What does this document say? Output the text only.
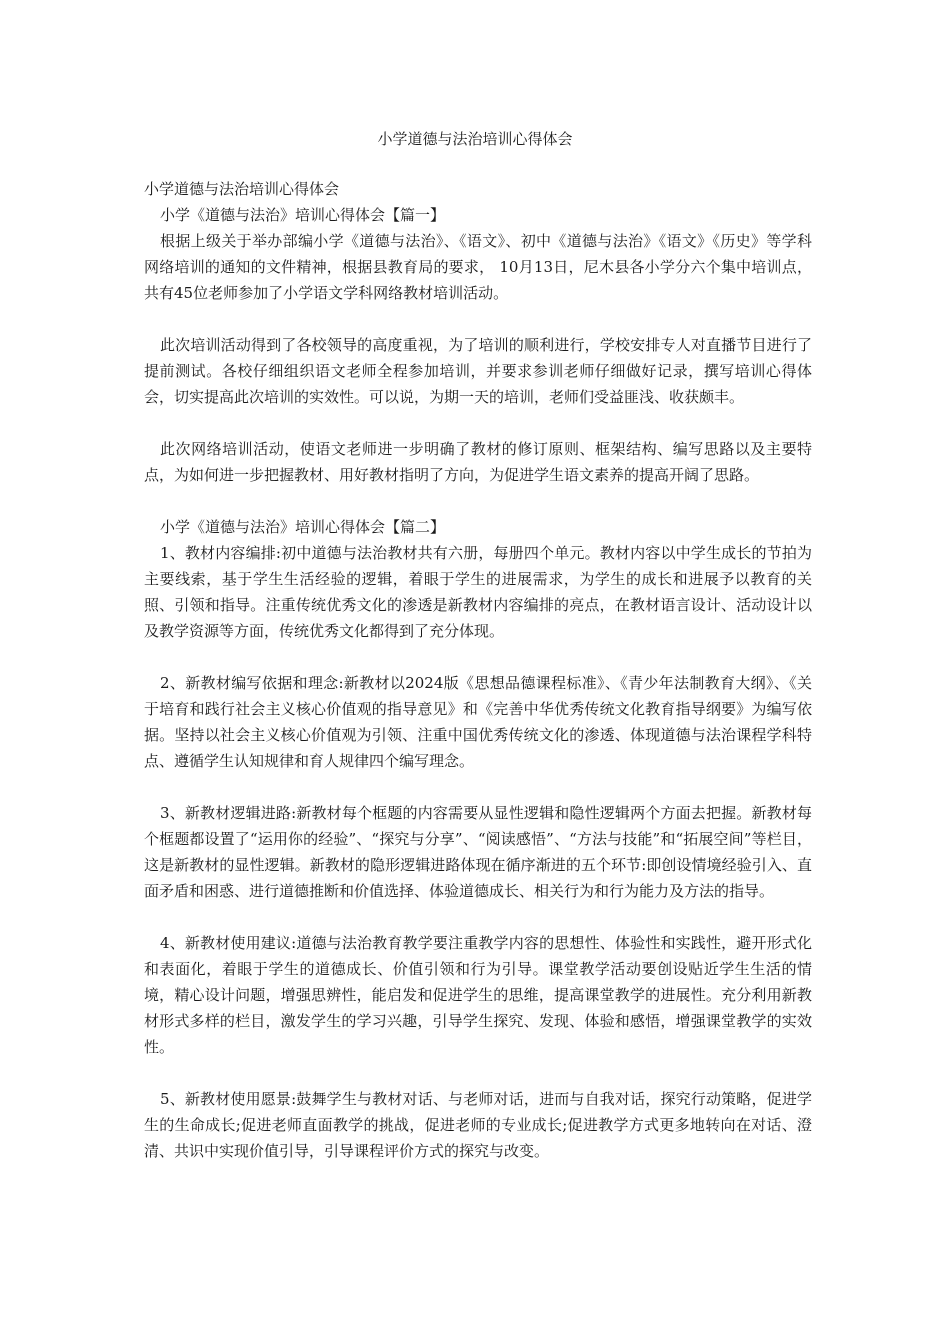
小学道德与法治培训心得体会

小学道德与法治培训心得体会

小学《道德与法治》培训心得体会【篇一】

根据上级关于举办部编小学《道德与法治》、《语文》、初中《道德与法治》《语文》《历史》等学科网络培训的通知的文件精神，根据县教育局的要求， 10月13日，尼木县各小学分六个集中培训点，共有45位老师参加了小学语文学科网络教材培训活动。

此次培训活动得到了各校领导的高度重视，为了培训的顺利进行，学校安排专人对直播节目进行了提前测试。各校仔细组织语文老师全程参加培训，并要求参训老师仔细做好记录，撰写培训心得体会，切实提高此次培训的实效性。可以说，为期一天的培训，老师们受益匪浅、收获颇丰。

此次网络培训活动，使语文老师进一步明确了教材的修订原则、框架结构、编写思路以及主要特点，为如何进一步把握教材、用好教材指明了方向，为促进学生语文素养的提高开阔了思路。

小学《道德与法治》培训心得体会【篇二】

1、教材内容编排:初中道德与法治教材共有六册，每册四个单元。教材内容以中学生成长的节拍为主要线索，基于学生生活经验的逻辑，着眼于学生的进展需求，为学生的成长和进展予以教育的关照、引领和指导。注重传统优秀文化的渗透是新教材内容编排的亮点，在教材语言设计、活动设计以及教学资源等方面，传统优秀文化都得到了充分体现。

2、新教材编写依据和理念:新教材以2024版《思想品德课程标准》、《青少年法制教育大纲》、《关于培育和践行社会主义核心价值观的指导意见》和《完善中华优秀传统文化教育指导纲要》为编写依据。坚持以社会主义核心价值观为引领、注重中国优秀传统文化的渗透、体现道德与法治课程学科特点、遵循学生认知规律和育人规律四个编写理念。

3、新教材逻辑进路:新教材每个框题的内容需要从显性逻辑和隐性逻辑两个方面去把握。新教材每个框题都设置了“运用你的经验”、“探究与分享”、“阅读感悟”、“方法与技能”和“拓展空间”等栏目，这是新教材的显性逻辑。新教材的隐形逻辑进路体现在循序渐进的五个环节:即创设情境经验引入、直面矛盾和困惑、进行道德推断和价值选择、体验道德成长、相关行为和行为能力及方法的指导。

4、新教材使用建议:道德与法治教育教学要注重教学内容的思想性、体验性和实践性，避开形式化和表面化，着眼于学生的道德成长、价值引领和行为引导。课堂教学活动要创设贴近学生生活的情境，精心设计问题，增强思辨性，能启发和促进学生的思维，提高课堂教学的进展性。充分利用新教材形式多样的栏目，激发学生的学习兴趣，引导学生探究、发现、体验和感悟，增强课堂教学的实效性。

5、新教材使用愿景:鼓舞学生与教材对话、与老师对话，进而与自我对话，探究行动策略，促进学生的生命成长;促进老师直面教学的挑战，促进老师的专业成长;促进教学方式更多地转向在对话、澄清、共识中实现价值引导，引导课程评价方式的探究与改变。
